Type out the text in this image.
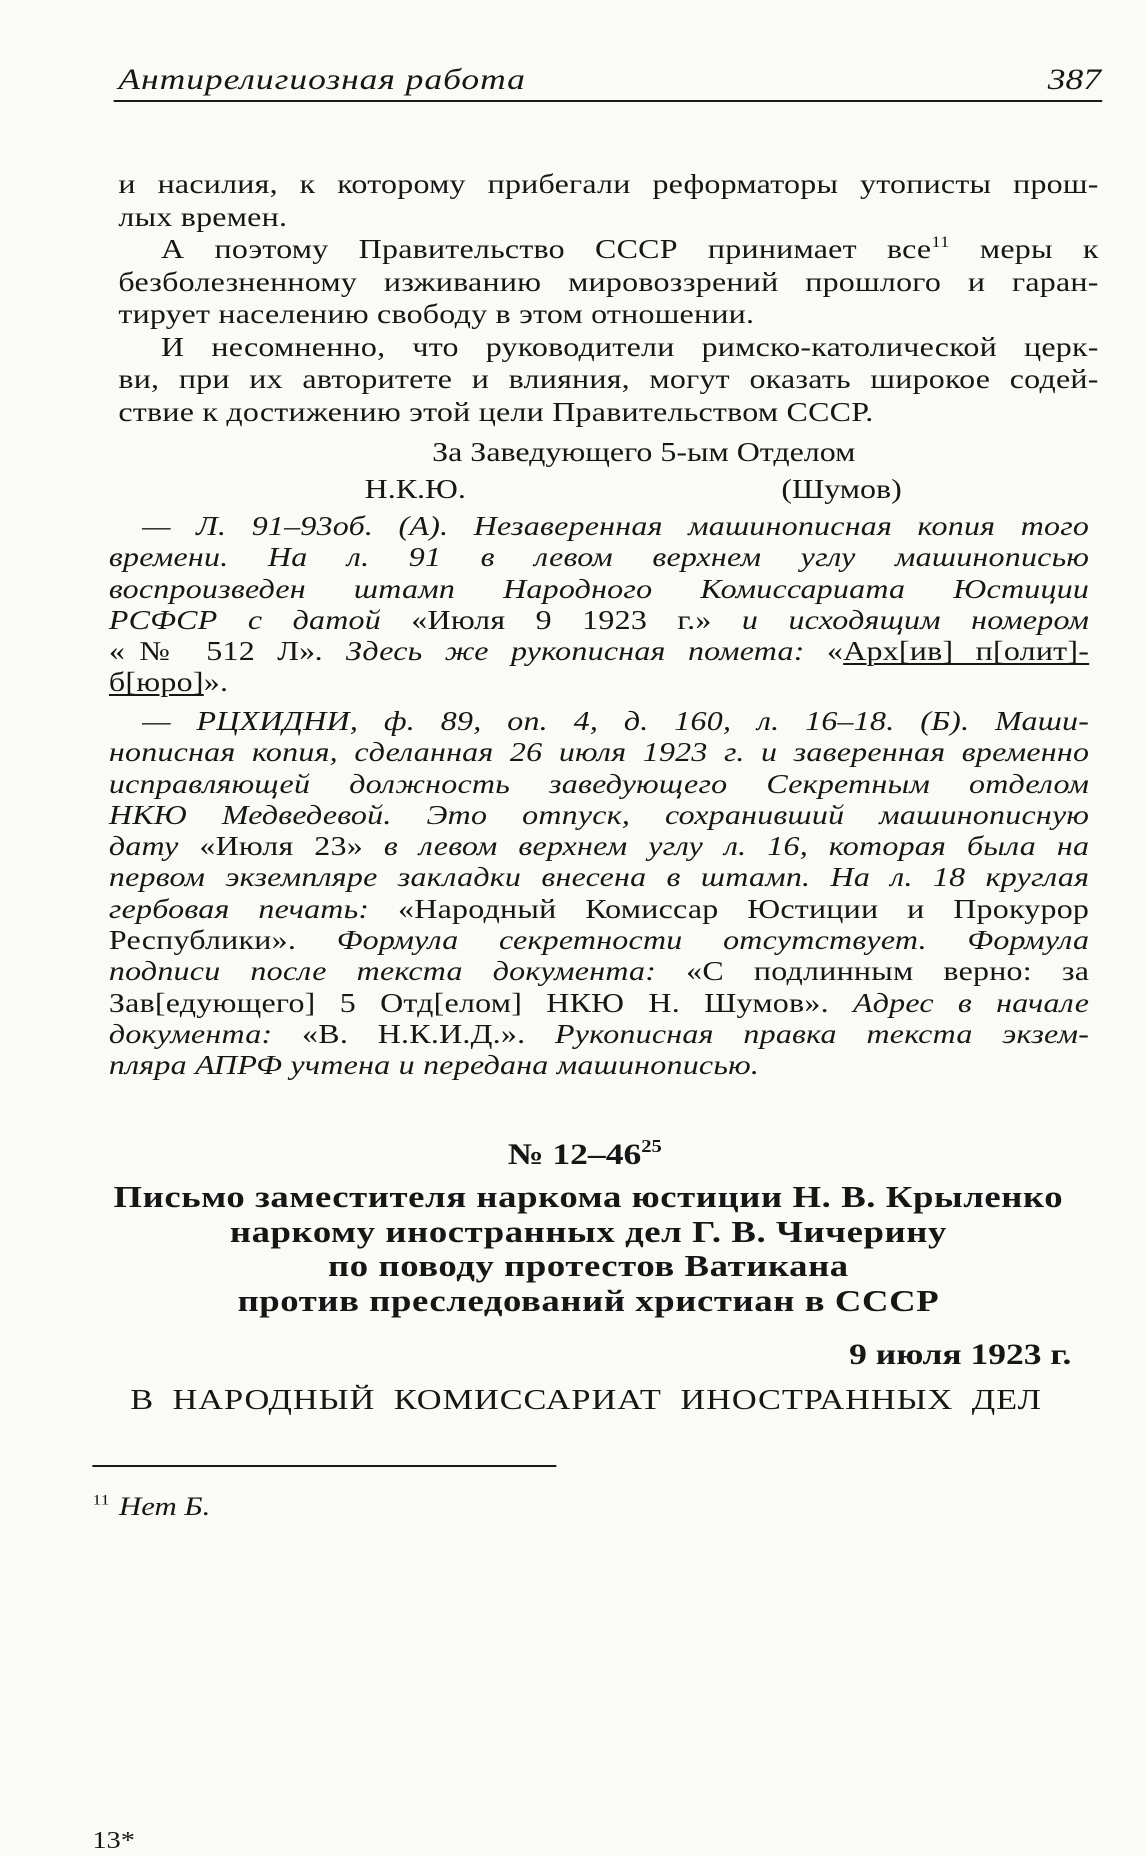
Антирелигиозная работа	387
и насилия, к которому прибегали реформаторы утописты прош-
лых времен.
А поэтому Правительство СССР принимает все$^{11}$ меры к
безболезненному изживанию мировоззрений прошлого и гаран-
тирует населению свободу в этом отношении.
И несомненно, что руководители римско-католической церк-
ви, при их авторитете и влияния, могут оказать широкое содей-
ствие к достижению этой цели Правительством СССР.
За Заведующего 5-ым Отделом
Н.К.Ю.	(Шумов)
— Л. 91–93об. (А). Незаверенная машинописная копия того
времени. На л. 91 в левом верхнем углу машинописью
воспроизведен штамп Народного Комиссариата Юстиции
РСФСР с датой «Июля 9 1923 г.» и исходящим номером
«№ 512 Л». Здесь же рукописная помета: «Арх[ив] п[олит]-
б[юро]».
— РЦХИДНИ, ф. 89, оп. 4, д. 160, л. 16–18. (Б). Маши-
нописная копия, сделанная 26 июля 1923 г. и заверенная временно
исправляющей должность заведующего Секретным отделом
НКЮ Медведевой. Это отпуск, сохранивший машинописную
дату «Июля 23» в левом верхнем углу л. 16, которая была на
первом экземпляре закладки внесена в штамп. На л. 18 круглая
гербовая печать: «Народный Комиссар Юстиции и Прокурор
Республики». Формула секретности отсутствует. Формула
подписи после текста документа: «С подлинным верно: за
Зав[едующего] 5 Отд[елом] НКЮ Н. Шумов». Адрес в начале
документа: «В. Н.К.И.Д.». Рукописная правка текста экзем-
пляра АПРФ учтена и передана машинописью.
№ $12-46^{25}$
Письмо заместителя наркома юстиции Н. В. Крыленко
наркому иностранных дел Г. В. Чичерину
по поводу протестов Ватикана
против преследований христиан в СССР
9 июля 1923 г.
В НАРОДНЫЙ КОМИССАРИАТ ИНОСТРАННЫХ ДЕЛ
$^{11}$ Нет Б.
13*
